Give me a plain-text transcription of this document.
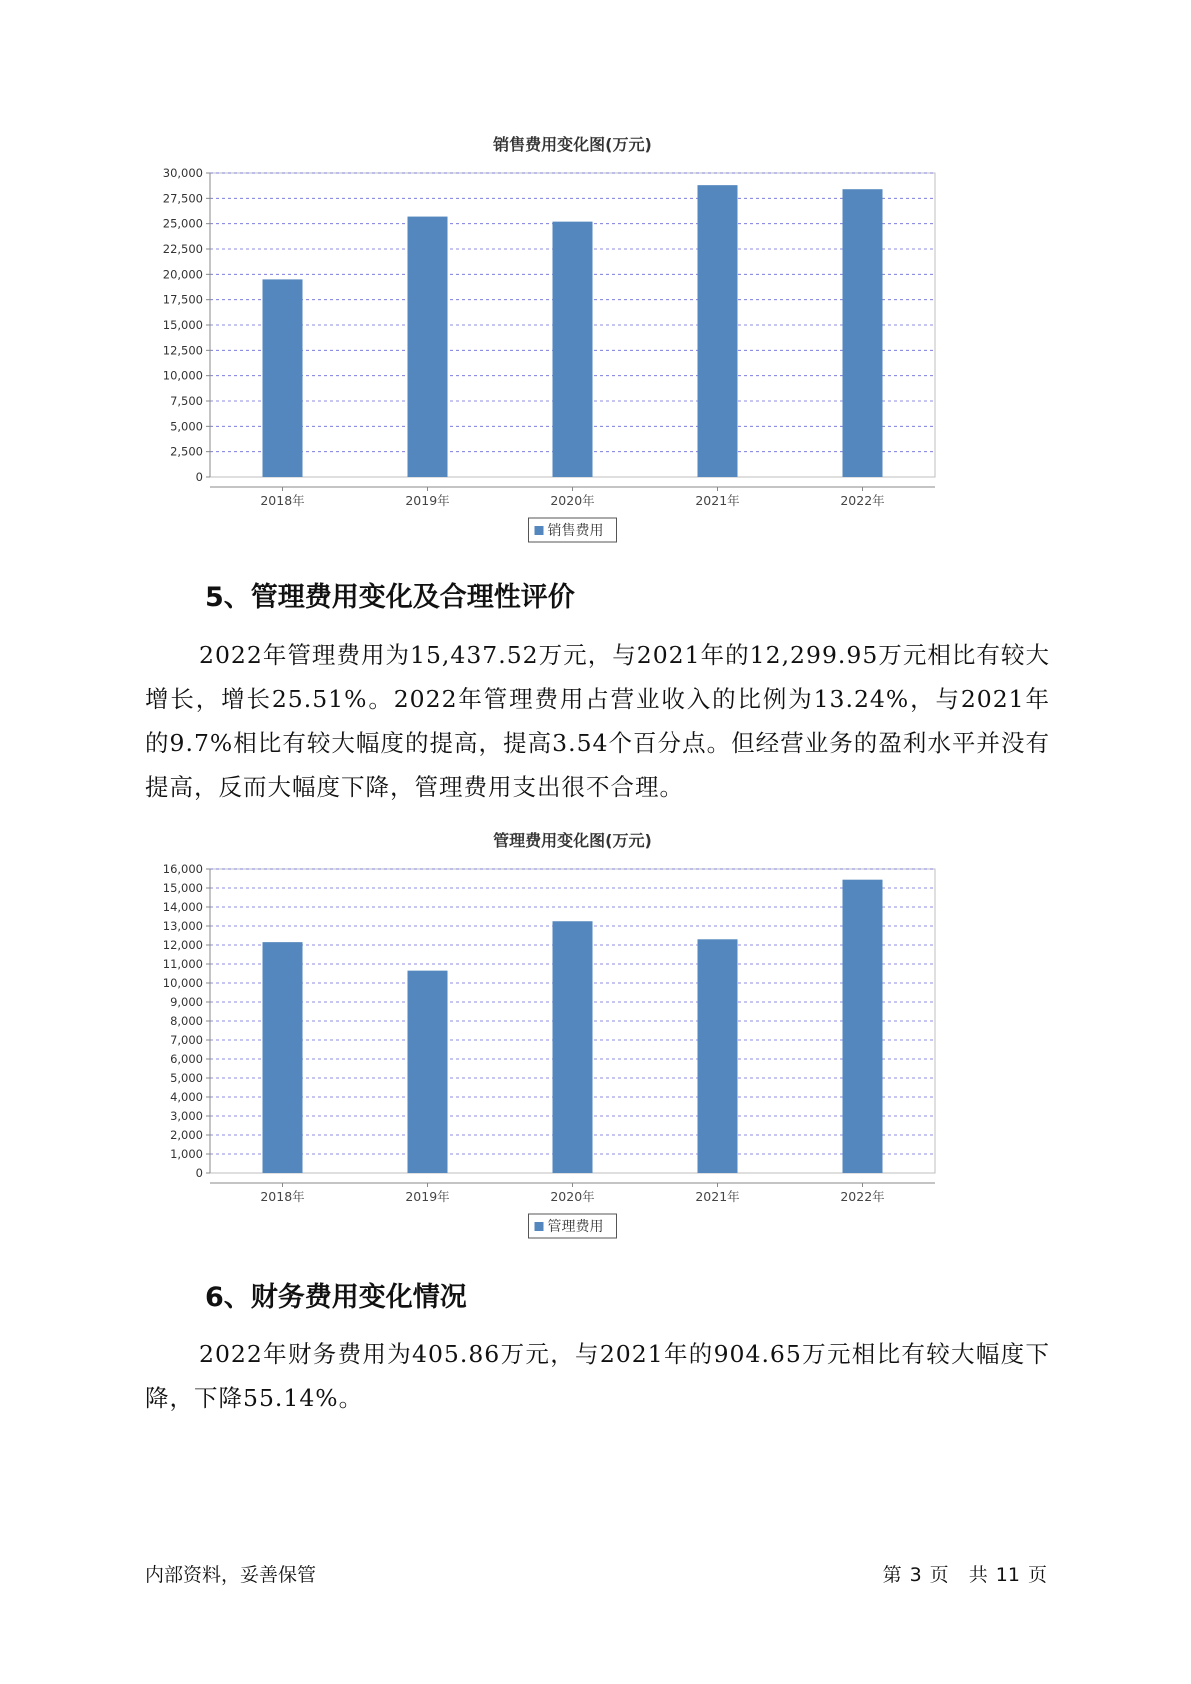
销售费用变化图(万元)
0
2,500
5,000
7,500
10,000
12,500
15,000
17,500
20,000
22,500
25,000
27,500
30,000
2018年	2019年	2020年	2021年	2022年
销售费用
5、管理费用变化及合理性评价

2022年管理费用为15,437.52万元，与2021年的12,299.95万元相比有较大增长，增长25.51%。2022年管理费用占营业收入的比例为13.24%，与2021年的9.7%相比有较大幅度的提高，提高3.54个百分点。但经营业务的盈利水平并没有提高，反而大幅度下降，管理费用支出很不合理。

管理费用变化图(万元)
0
1,000
2,000
3,000
4,000
5,000
6,000
7,000
8,000
9,000
10,000
11,000
12,000
13,000
14,000
15,000
16,000
2018年	2019年	2020年	2021年	2022年
管理费用
6、财务费用变化情况

2022年财务费用为405.86万元，与2021年的904.65万元相比有较大幅度下降，下降55.14%。

内部资料，妥善保管	第 3 页 共 11 页
